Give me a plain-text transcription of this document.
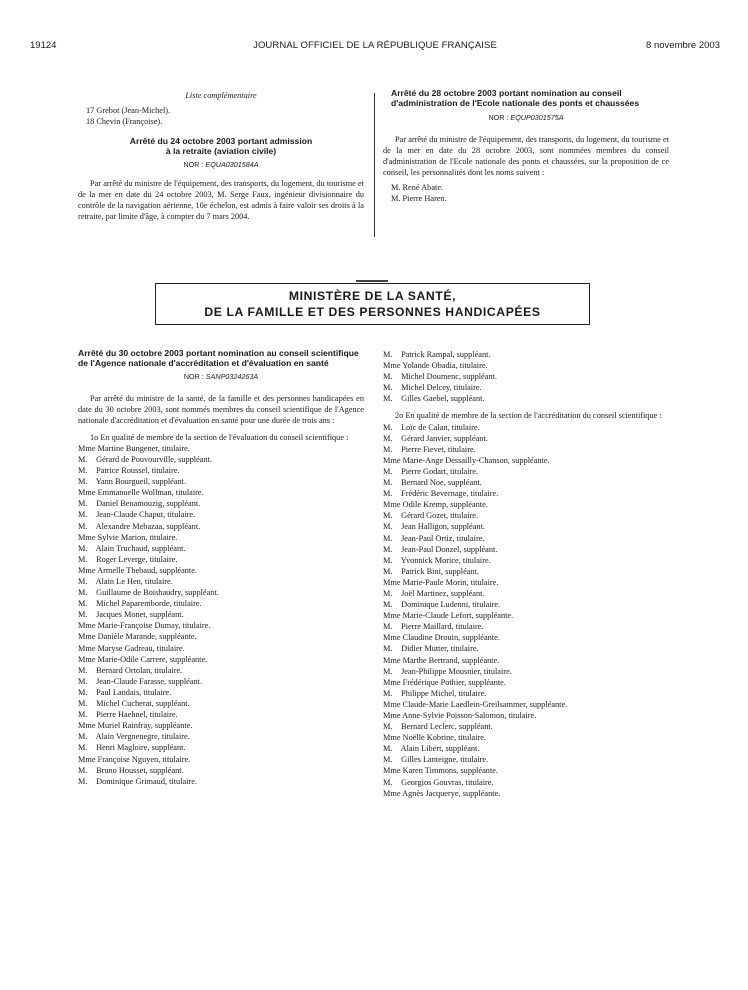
19124	JOURNAL OFFICIEL DE LA RÉPUBLIQUE FRANÇAISE	8 novembre 2003

Liste complémentaire

17 Grebot (Jean-Michel).

18 Chevin (Françoise).

Arrêté du 24 octobre 2003 portant admission

à la retraite (aviation civile)

NOR : EQUA0301584A

Par arrêté du ministre de l'équipement, des transports, du logement, du tourisme et de la mer en date du 24 octobre 2003, M. Serge Faux, ingénieur divisionnaire du contrôle de la navigation aérienne, 10e échelon, est admis à faire valoir ses droits à la retraite, par limite d'âge, à compter du 7 mars 2004.

Arrêté du 28 octobre 2003 portant nomination au conseil d'administration de l'Ecole nationale des ponts et chaussées

NOR : EQUP0301575A

Par arrêté du ministre de l'équipement, des transports, du logement, du tourisme et de la mer en date du 28 octobre 2003, sont nommées membres du conseil d'administration de l'Ecole nationale des ponts et chaussées, sur la proposition de ce conseil, les personnalités dont les noms suivent :

M. René Abate.

M. Pierre Haren.

MINISTÈRE DE LA SANTÉ,
DE LA FAMILLE ET DES PERSONNES HANDICAPÉES

Arrêté du 30 octobre 2003 portant nomination au conseil scientifique de l'Agence nationale d'accréditation et d'évaluation en santé

NOR : SANP0324263A

Par arrêté du ministre de la santé, de la famille et des personnes handicapées en date du 30 octobre 2003, sont nommés membres du conseil scientifique de l'Agence nationale d'accréditation et d'évaluation en santé pour une durée de trois ans :

1o En qualité de membre de la section de l'évaluation du conseil scientifique :

Mme Martine Bungener, titulaire.

M. Gérard de Pouvourville, suppléant.

M. Patrice Roussel, titulaire.

M. Yann Bourgueil, suppléant.

Mme Emmanuelle Wollman, titulaire.

M. Daniel Benamouzig, suppléant.

M. Jean-Claude Chaput, titulaire.

M. Alexandre Mebazaa, suppléant.

Mme Sylvie Marion, titulaire.

M. Alain Truchaud, suppléant.

M. Roger Leverge, titulaire.

Mme Armelle Thebaud, suppléante.

M. Alain Le Hen, titulaire.

M. Guillaume de Boishaudry, suppléant.

M. Michel Paparemborde, titulaire.

M. Jacques Monet, suppléant.

Mme Marie-Françoise Dumay, titulaire.

Mme Danièle Marande, suppléante.

Mme Maryse Gadreau, titulaire.

Mme Marie-Odile Carrere, suppléante.

M. Bernard Ortolan, titulaire.

M. Jean-Claude Farasse, suppléant.

M. Paul Landais, titulaire.

M. Michel Cucherat, suppléant.

M. Pierre Haehnel, titulaire.

Mme Muriel Rainfray, suppléante.

M. Alain Vergnenegre, titulaire.

M. Henri Magloire, suppléant.

Mme Françoise Nguyen, titulaire.

M. Bruno Housset, suppléant.

M. Dominique Grimaud, titulaire.

M. Patrick Rampal, suppléant.

Mme Yolande Obadia, titulaire.

M. Michel Doumenc, suppléant.

M. Michel Delcey, titulaire.

M. Gilles Gaebel, suppléant.

2o En qualité de membre de la section de l'accréditation du conseil scientifique :

M. Loïc de Calan, titulaire.

M. Gérard Janvier, suppléant.

M. Pierre Fievet, titulaire.

Mme Marie-Ange Dessailly-Chanson, suppléante.

M. Pierre Godart, titulaire.

M. Bernard Noe, suppléant.

M. Frédéric Bevernage, titulaire.

Mme Odile Kremp, suppléante.

M. Gérard Gozet, titulaire.

M. Jean Halligon, suppléant.

M. Jean-Paul Ortiz, titulaire.

M. Jean-Paul Donzel, suppléant.

M. Yvonnick Morice, titulaire.

M. Patrick Bini, suppléant.

Mme Marie-Paule Morin, titulaire.

M. Joël Martinez, suppléant.

M. Dominique Ludenni, titulaire.

Mme Marie-Claude Lefort, suppléante.

M. Pierre Maillard, titulaire.

Mme Claudine Drouin, suppléante.

M. Didier Mutter, titulaire.

Mme Marthe Bertrand, suppléante.

M. Jean-Philippe Mousnier, titulaire.

Mme Frédérique Pothier, suppléante.

M. Philippe Michel, titulaire.

Mme Claude-Marie Laedlein-Greilsammer, suppléante.

Mme Anne-Sylvie Poisson-Salomon, titulaire.

M. Bernard Leclerc, suppléant.

Mme Noëlle Kobrine, titulaire.

M. Alain Libert, suppléant.

M. Gilles Lanteigne, titulaire.

Mme Karen Timmons, suppléante.

M. Georgios Gouvras, titulaire.

Mme Agnès Jacquerye, suppléante.
